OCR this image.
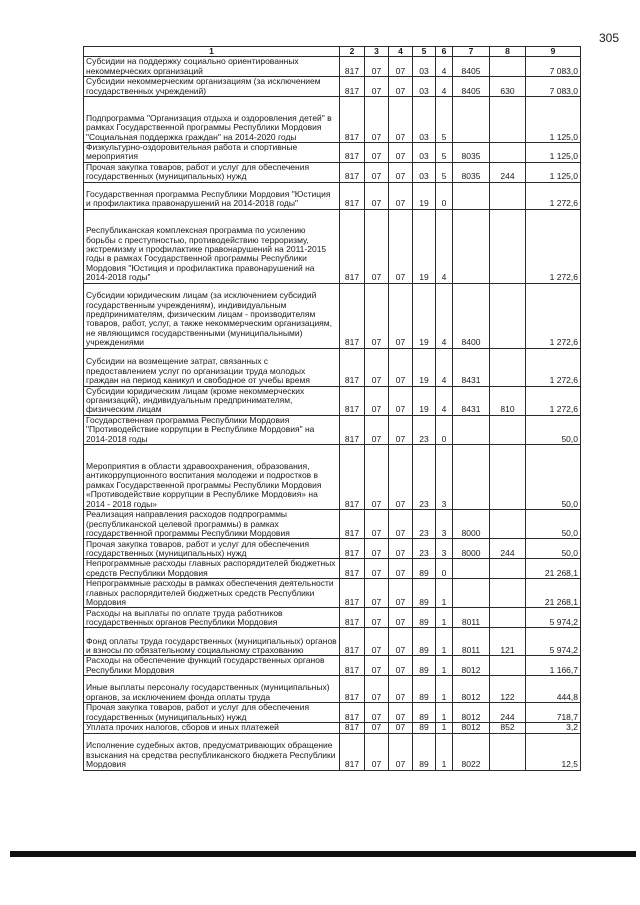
305
1	2	3	4	5	6	7	8	9
Субсидии на поддержку социально ориентированных некоммерческих организаций	817	07	07	03	4	8405		7 083,0
Субсидии некоммерческим организациям (за исключением государственных учреждений)	817	07	07	03	4	8405	630	7 083,0
Подпрограмма "Организация отдыха и оздоровления детей" в рамках Государственной программы Республики Мордовия "Социальная поддержка граждан" на 2014-2020 годы	817	07	07	03	5			1 125,0
Физкультурно-оздоровительная работа и спортивные мероприятия	817	07	07	03	5	8035		1 125,0
Прочая закупка товаров, работ и услуг для обеспечения государственных (муниципальных) нужд	817	07	07	03	5	8035	244	1 125,0
Государственная программа Республики Мордовия "Юстиция и профилактика правонарушений на 2014-2018 годы"	817	07	07	19	0			1 272,6
Республиканская комплексная программа по усилению борьбы с преступностью, противодействию терроризму, экстремизму и профилактике правонарушений на 2011-2015 годы в рамках Государственной программы Республики Мордовия "Юстиция и профилактика правонарушений на 2014-2018 годы"	817	07	07	19	4			1 272,6
Субсидии юридическим лицам (за исключением субсидий государственным учреждениям), индивидуальным предпринимателям, физическим лицам - производителям товаров, работ, услуг, а также некоммерческим организациям, не являющимся государственными (муниципальными) учреждениями	817	07	07	19	4	8400		1 272,6
Субсидии на возмещение затрат, связанных с предоставлением услуг по организации труда молодых граждан на период каникул и свободное от учебы время	817	07	07	19	4	8431		1 272,6
Субсидии юридическим лицам (кроме некоммерческих организаций), индивидуальным предпринимателям, физическим лицам	817	07	07	19	4	8431	810	1 272,6
Государственная программа Республики Мордовия "Противодействие коррупции в Республике Мордовия" на 2014-2018 годы	817	07	07	23	0			50,0
Мероприятия в области здравоохранения, образования, антикоррупционного воспитания молодежи и подростков в рамках Государственной программы Республики Мордовия «Противодействие коррупции в Республике Мордовия» на 2014 - 2018 годы»	817	07	07	23	3			50,0
Реализация направления расходов подпрограммы (республиканской целевой программы) в рамках государственной программы Республики Мордовия	817	07	07	23	3	8000		50,0
Прочая закупка товаров, работ и услуг для обеспечения государственных (муниципальных) нужд	817	07	07	23	3	8000	244	50,0
Непрограммные расходы главных распорядителей бюджетных средств Республики Мордовия	817	07	07	89	0			21 268,1
Непрограммные расходы в рамках обеспечения деятельности главных распорядителей бюджетных средств Республики Мордовия	817	07	07	89	1			21 268,1
Расходы на выплаты по оплате труда работников государственных органов Республики Мордовия	817	07	07	89	1	8011		5 974,2
Фонд оплаты труда государственных (муниципальных) органов и взносы по обязательному социальному страхованию	817	07	07	89	1	8011	121	5 974,2
Расходы на обеспечение функций государственных органов Республики Мордовия	817	07	07	89	1	8012		1 166,7
Иные выплаты персоналу государственных (муниципальных) органов, за исключением фонда оплаты труда	817	07	07	89	1	8012	122	444,8
Прочая закупка товаров, работ и услуг для обеспечения государственных (муниципальных) нужд	817	07	07	89	1	8012	244	718,7
Уплата прочих налогов, сборов и иных платежей	817	07	07	89	1	8012	852	3,2
Исполнение судебных актов, предусматривающих обращение взыскания на средства республиканского бюджета Республики Мордовия	817	07	07	89	1	8022		12,5
